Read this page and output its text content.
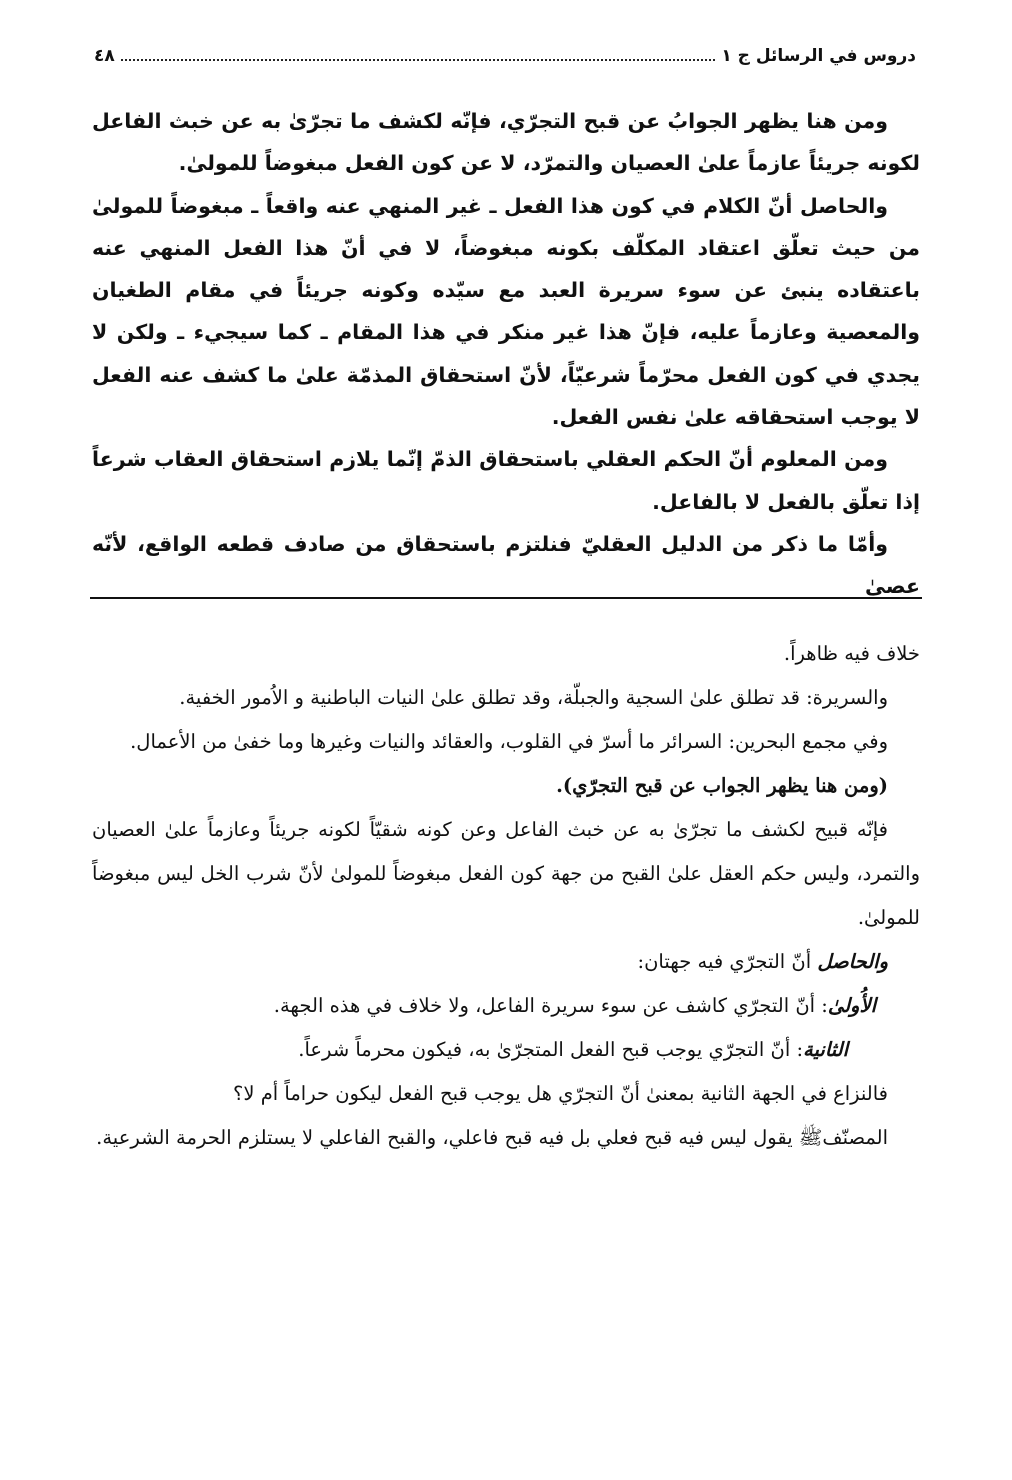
دروس في الرسائل ج ١
٤٨

ومن هنا يظهر الجوابُ عن قبح التجرّي، فإنّه لكشف ما تجرّىٰ به عن خبث الفاعل لكونه جريئاً عازماً علىٰ العصيان والتمرّد، لا عن كون الفعل مبغوضاً للمولىٰ.

والحاصل أنّ الكلام في كون هذا الفعل ـ غير المنهي عنه واقعاً ـ مبغوضاً للمولىٰ من حيث تعلّق اعتقاد المكلّف بكونه مبغوضاً، لا في أنّ هذا الفعل المنهي عنه باعتقاده ينبئ عن سوء سريرة العبد مع سيّده وكونه جريئاً في مقام الطغيان والمعصية وعازماً عليه، فإنّ هذا غير منكر في هذا المقام ـ كما سيجيء ـ ولكن لا يجدي في كون الفعل محرّماً شرعيّاً، لأنّ استحقاق المذمّة علىٰ ما كشف عنه الفعل لا يوجب استحقاقه علىٰ نفس الفعل.

ومن المعلوم أنّ الحكم العقلي باستحقاق الذمّ إنّما يلازم استحقاق العقاب شرعاً إذا تعلّق بالفعل لا بالفاعل.

وأمّا ما ذكر من الدليل العقليّ فنلتزم باستحقاق من صادف قطعه الواقع، لأنّه عصىٰ

خلاف فيه ظاهراً.

والسريرة: قد تطلق علىٰ السجية والجبلّة، وقد تطلق علىٰ النيات الباطنية و الاُمور الخفية.

وفي مجمع البحرين: السرائر ما أسرّ في القلوب، والعقائد والنيات وغيرها وما خفىٰ من الأعمال.

(ومن هنا يظهر الجواب عن قبح التجرّي).

فإنّه قبيح لكشف ما تجرّىٰ به عن خبث الفاعل وعن كونه شقيّاً لكونه جريئاً وعازماً علىٰ العصيان والتمرد، وليس حكم العقل علىٰ القبح من جهة كون الفعل مبغوضاً للمولىٰ لأنّ شرب الخل ليس مبغوضاً للمولىٰ.

والحاصل أنّ التجرّي فيه جهتان:

الأُولىٰ: أنّ التجرّي كاشف عن سوء سريرة الفاعل، ولا خلاف في هذه الجهة.

الثانية: أنّ التجرّي يوجب قبح الفعل المتجرّىٰ به، فيكون محرماً شرعاً.

فالنزاع في الجهة الثانية بمعنىٰ أنّ التجرّي هل يوجب قبح الفعل ليكون حراماً أم لا؟

المصنّفﷺ يقول ليس فيه قبح فعلي بل فيه قبح فاعلي، والقبح الفاعلي لا يستلزم الحرمة الشرعية.
